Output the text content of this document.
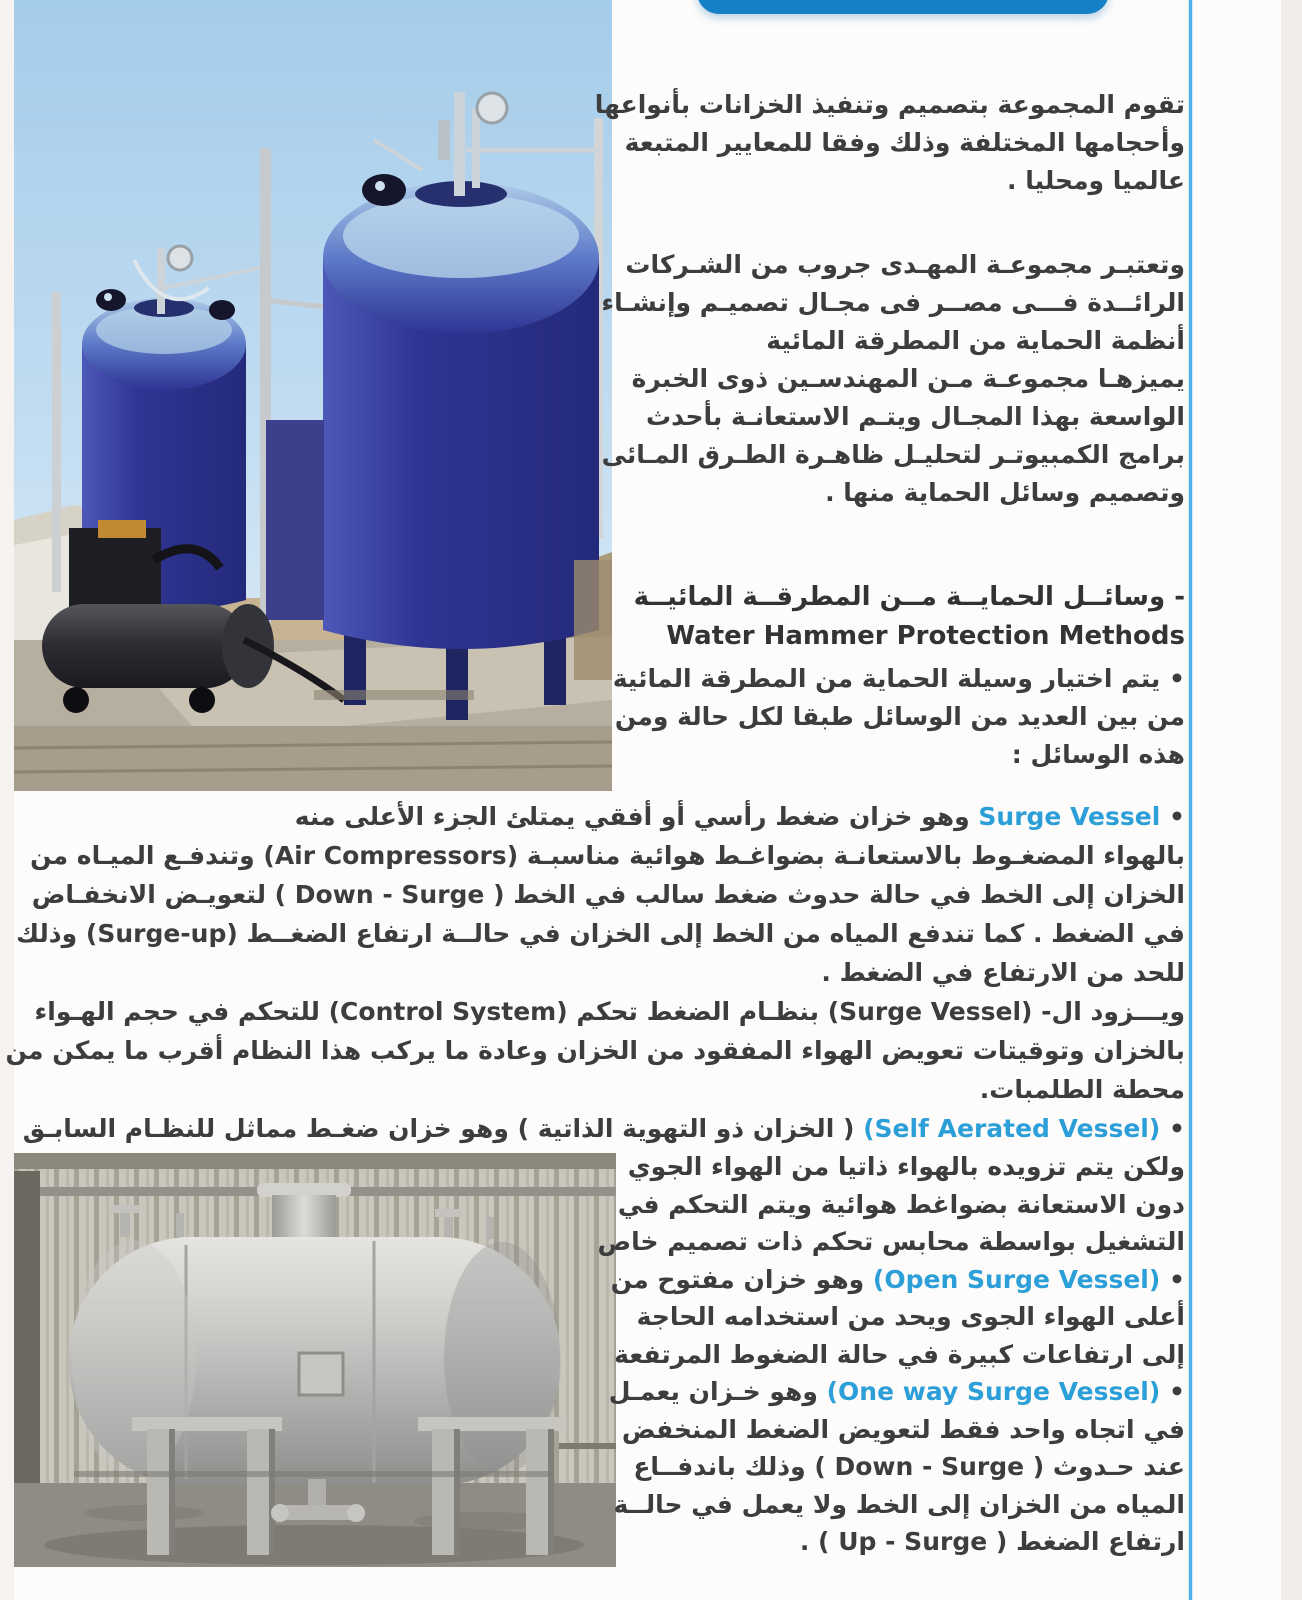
تقوم المجموعة بتصميم وتنفيذ الخزانات بأنواعها
وأحجامها المختلفة وذلك وفقا للمعايير المتبعة
عالميا ومحليا .
وتعتبـر مجموعـة المهـدى جروب من الشـركات
الرائــدة فـــى مصــر فى مجـال تصميـم وإنشـاء
أنظمة الحماية من المطرقة المائية
يميزهـا مجموعـة مـن المهندسـين ذوى الخبرة
الواسعة بهذا المجـال ويتـم الاستعانـة بأحدث
برامج الكمبيوتـر لتحليـل ظاهـرة الطـرق المـائى
وتصميم وسائل الحماية منها .
- وسائــل الحمايــة مــن المطرقــة المائيــة
Water Hammer Protection Methods
• يتم اختيار وسيلة الحماية من المطرقة المائية
من بين العديد من الوسائل طبقا لكل حالة ومن
هذه الوسائل :
• Surge Vessel وهو خزان ضغط رأسي أو أفقي يمتلئ الجزء الأعلى منه
بالهواء المضغـوط بالاستعانـة بضواغـط هوائية مناسبـة (Air Compressors) وتندفـع الميـاه من
الخزان إلى الخط في حالة حدوث ضغط سالب في الخط ( Down - Surge ) لتعويـض الانخفـاض
في الضغط . كما تندفع المياه من الخط إلى الخزان في حالــة ارتفاع الضغــط (Surge-up) وذلك
للحد من الارتفاع في الضغط .
ويـــزود ال- (Surge Vessel) بنظـام الضغط تحكم (Control System) للتحكم في حجم الهـواء
بالخزان وتوقيتات تعويض الهواء المفقود من الخزان وعادة ما يركب هذا النظام أقرب ما يمكن من
محطة الطلمبات.
• (Self Aerated Vessel) ( الخزان ذو التهوية الذاتية ) وهو خزان ضغـط مماثل للنظـام السابـق
ولكن يتم تزويده بالهواء ذاتيا من الهواء الجوي
دون الاستعانة بضواغط هوائية ويتم التحكم في
التشغيل بواسطة محابس تحكم ذات تصميم خاص
• (Open Surge Vessel) وهو خزان مفتوح من
أعلى الهواء الجوى ويحد من استخدامه الحاجة
إلى ارتفاعات كبيرة في حالة الضغوط المرتفعة
• (One way Surge Vessel) وهو خـزان يعمـل
في اتجاه واحد فقط لتعويض الضغط المنخفض
عند حـدوث ( Down - Surge ) وذلك باندفــاع
المياه من الخزان إلى الخط ولا يعمل في حالــة
ارتفاع الضغط ( Up - Surge ) .
